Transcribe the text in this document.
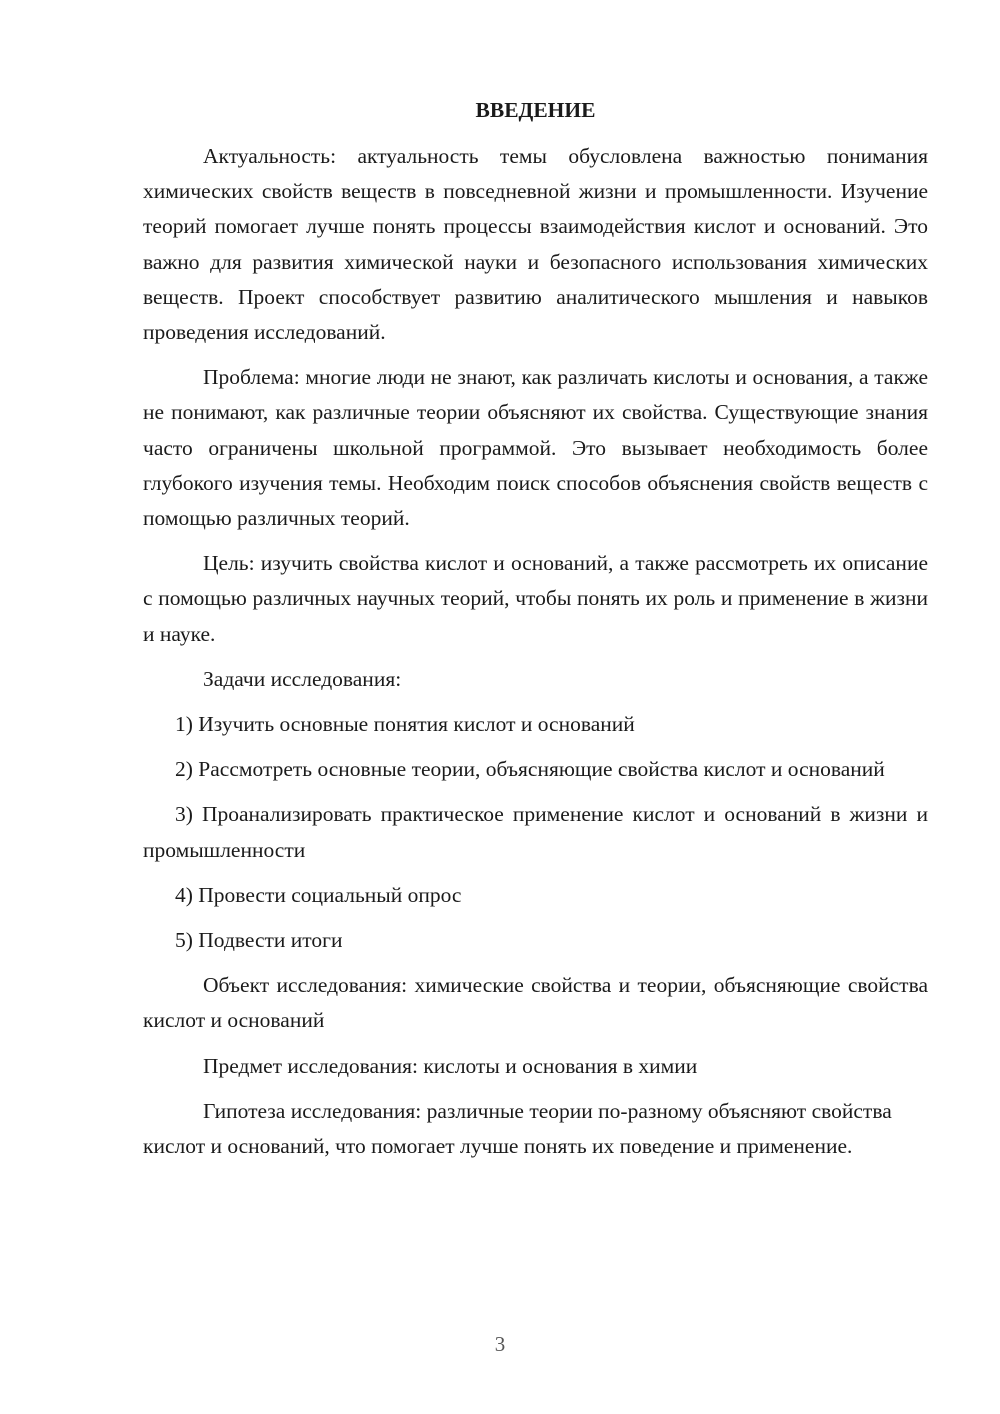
ВВЕДЕНИЕ

Актуальность: актуальность темы обусловлена важностью понимания химических свойств веществ в повседневной жизни и промышленности. Изучение теорий помогает лучше понять процессы взаимодействия кислот и оснований. Это важно для развития химической науки и безопасного использования химических веществ. Проект способствует развитию аналитического мышления и навыков проведения исследований.

Проблема: многие люди не знают, как различать кислоты и основания, а также не понимают, как различные теории объясняют их свойства. Существующие знания часто ограничены школьной программой. Это вызывает необходимость более глубокого изучения темы. Необходим поиск способов объяснения свойств веществ с помощью различных теорий.

Цель: изучить свойства кислот и оснований, а также рассмотреть их описание с помощью различных научных теорий, чтобы понять их роль и применение в жизни и науке.

Задачи исследования:

1) Изучить основные понятия кислот и оснований

2) Рассмотреть основные теории, объясняющие свойства кислот и оснований

3) Проанализировать практическое применение кислот и оснований в жизни и промышленности

4) Провести социальный опрос

5) Подвести итоги

Объект исследования: химические свойства и теории, объясняющие свойства кислот и оснований

Предмет исследования: кислоты и основания в химии

Гипотеза исследования: различные теории по-разному объясняют свойства кислот и оснований, что помогает лучше понять их поведение и применение.

3
